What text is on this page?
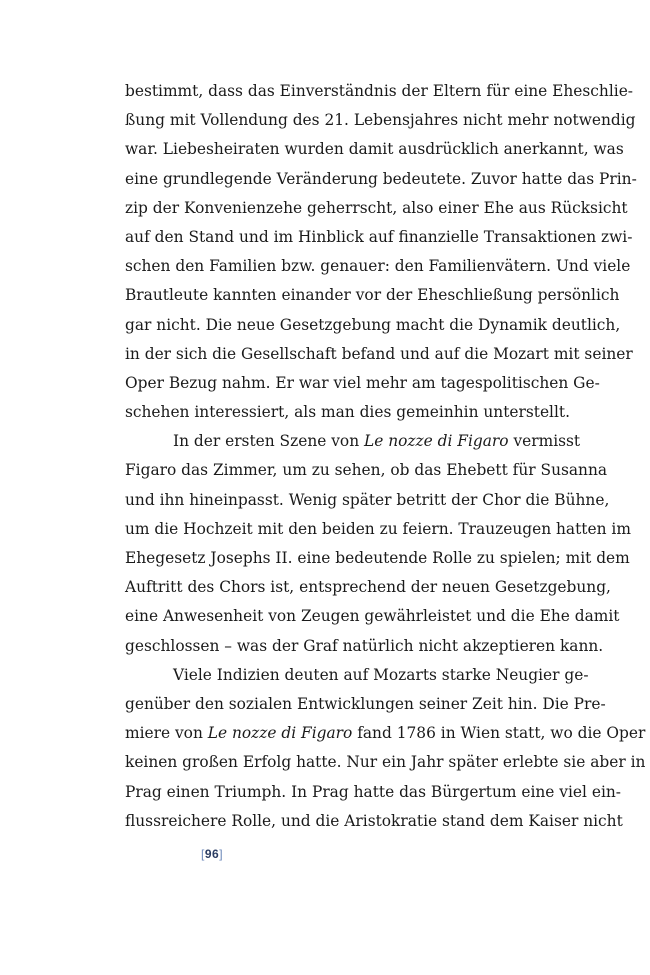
bestimmt, dass das Einverständnis der Eltern für eine Eheschlie-
ßung mit Vollendung des 21. Lebensjahres nicht mehr notwendig
war. Liebesheiraten wurden damit ausdrücklich anerkannt, was
eine grundlegende Veränderung bedeutete. Zuvor hatte das Prin-
zip der Konvenienzehe geherrscht, also einer Ehe aus Rücksicht
auf den Stand und im Hinblick auf finanzielle Transaktionen zwi-
schen den Familien bzw. genauer: den Familienvätern. Und viele
Brautleute kannten einander vor der Eheschließung persönlich
gar nicht. Die neue Gesetzgebung macht die Dynamik deutlich,
in der sich die Gesellschaft befand und auf die Mozart mit seiner
Oper Bezug nahm. Er war viel mehr am tagespolitischen Ge-
schehen interessiert, als man dies gemeinhin unterstellt.
In der ersten Szene von Le nozze di Figaro vermisst
Figaro das Zimmer, um zu sehen, ob das Ehebett für Susanna
und ihn hineinpasst. Wenig später betritt der Chor die Bühne,
um die Hochzeit mit den beiden zu feiern. Trauzeugen hatten im
Ehegesetz Josephs II. eine bedeutende Rolle zu spielen; mit dem
Auftritt des Chors ist, entsprechend der neuen Gesetzgebung,
eine Anwesenheit von Zeugen gewährleistet und die Ehe damit
geschlossen – was der Graf natürlich nicht akzeptieren kann.
Viele Indizien deuten auf Mozarts starke Neugier ge-
genüber den sozialen Entwicklungen seiner Zeit hin. Die Pre-
miere von Le nozze di Figaro fand 1786 in Wien statt, wo die Oper
keinen großen Erfolg hatte. Nur ein Jahr später erlebte sie aber in
Prag einen Triumph. In Prag hatte das Bürgertum eine viel ein-
flussreichere Rolle, und die Aristokratie stand dem Kaiser nicht
[96]
